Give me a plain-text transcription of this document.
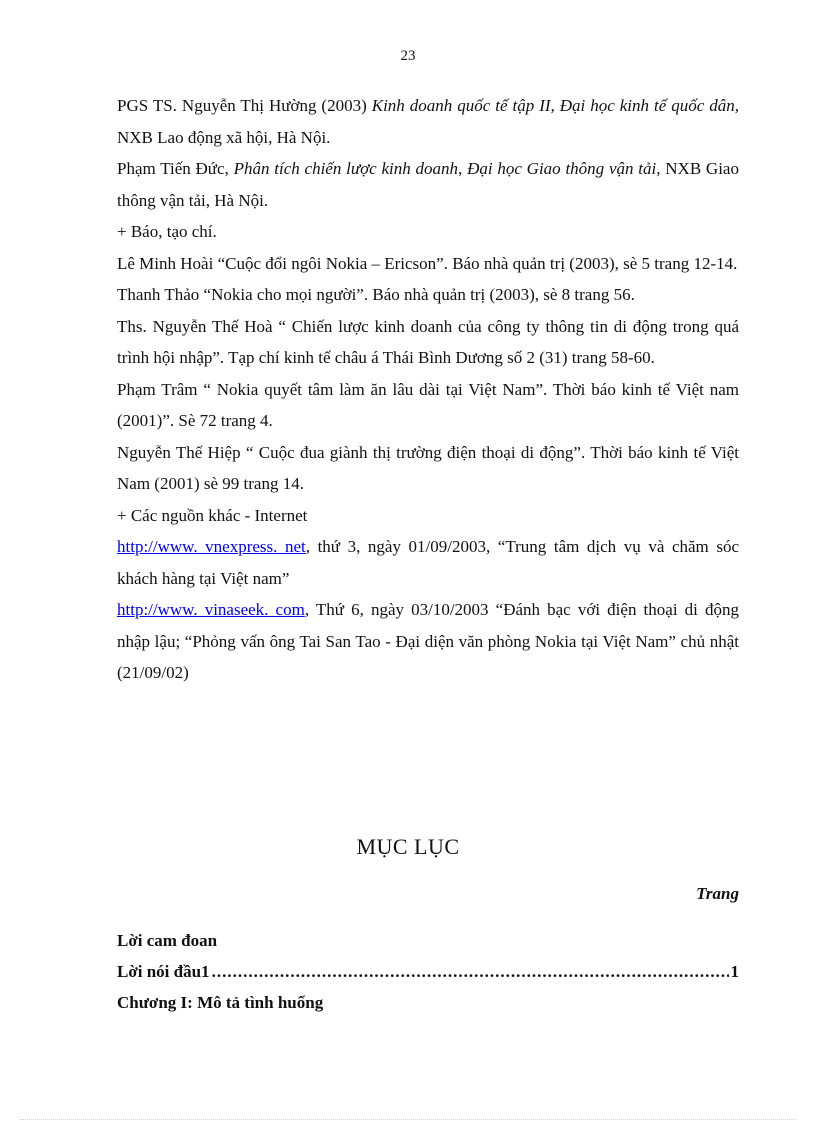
23

PGS TS. Nguyễn Thị Hường (2003) Kinh doanh quốc tế tập II, Đại học kinh tế quốc dân, NXB Lao động xã hội, Hà Nội.

Phạm Tiến Đức, Phân tích chiến lược kinh doanh, Đại học Giao thông vận tải, NXB Giao thông vận tải, Hà Nội.

+ Báo, tạo chí.

Lê Minh Hoài “Cuộc đổi ngôi Nokia – Ericson”. Báo nhà quản trị (2003), sè 5 trang 12-14.

Thanh Thảo “Nokia cho mọi người”. Báo nhà quản trị (2003), sè 8 trang 56.

Ths. Nguyễn Thế Hoà “ Chiến lược kinh doanh của công ty thông tin di động trong quá trình hội nhập”. Tạp chí kinh tế châu á Thái Bình Dương số 2 (31) trang 58-60.

Phạm Trâm “ Nokia quyết tâm làm ăn lâu dài tại Việt Nam”. Thời báo kinh tế Việt nam (2001)”. Sè 72 trang 4.

Nguyễn Thế Hiệp “ Cuộc đua giành thị trường điện thoại di động”. Thời báo kinh tế Việt Nam (2001) sè 99 trang 14.

+ Các nguồn khác - Internet

http://www. vnexpress. net, thứ 3, ngày 01/09/2003, “Trung tâm dịch vụ và chăm sóc khách hàng tại Việt nam”

http://www. vinaseek. com, Thứ 6, ngày 03/10/2003 “Đánh bạc với điện thoại di động nhập lậu; “Phỏng vấn ông Tai San Tao - Đại diện văn phòng Nokia tại Việt Nam” chủ nhật (21/09/02)

MỤC LỤC
Trang
Lời cam đoan
Lời nói đầu1
.....	1
Chương I: Mô tả tình huống
